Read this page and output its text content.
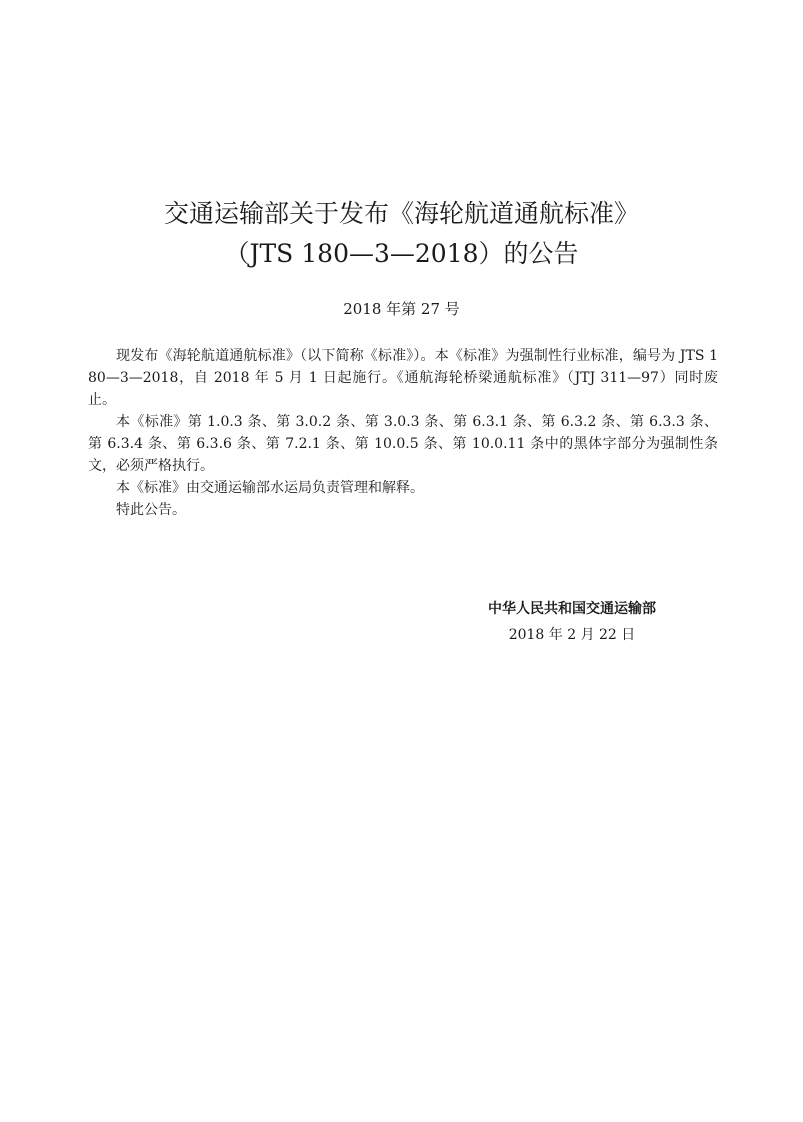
交通运输部关于发布《海轮航道通航标准》
（JTS 180—3—2018）的公告
2018 年第 27 号

现发布《海轮航道通航标准》（以下简称《标准》）。本《标准》为强制性行业标准，编号为 JTS 180—3—2018，自 2018 年 5 月 1 日起施行。《通航海轮桥梁通航标准》（JTJ 311—97）同时废止。

本《标准》第 1.0.3 条、第 3.0.2 条、第 3.0.3 条、第 6.3.1 条、第 6.3.2 条、第 6.3.3 条、第 6.3.4 条、第 6.3.6 条、第 7.2.1 条、第 10.0.5 条、第 10.0.11 条中的黑体字部分为强制性条文，必须严格执行。

本《标准》由交通运输部水运局负责管理和解释。

特此公告。

中华人民共和国交通运输部
2018 年 2 月 22 日
